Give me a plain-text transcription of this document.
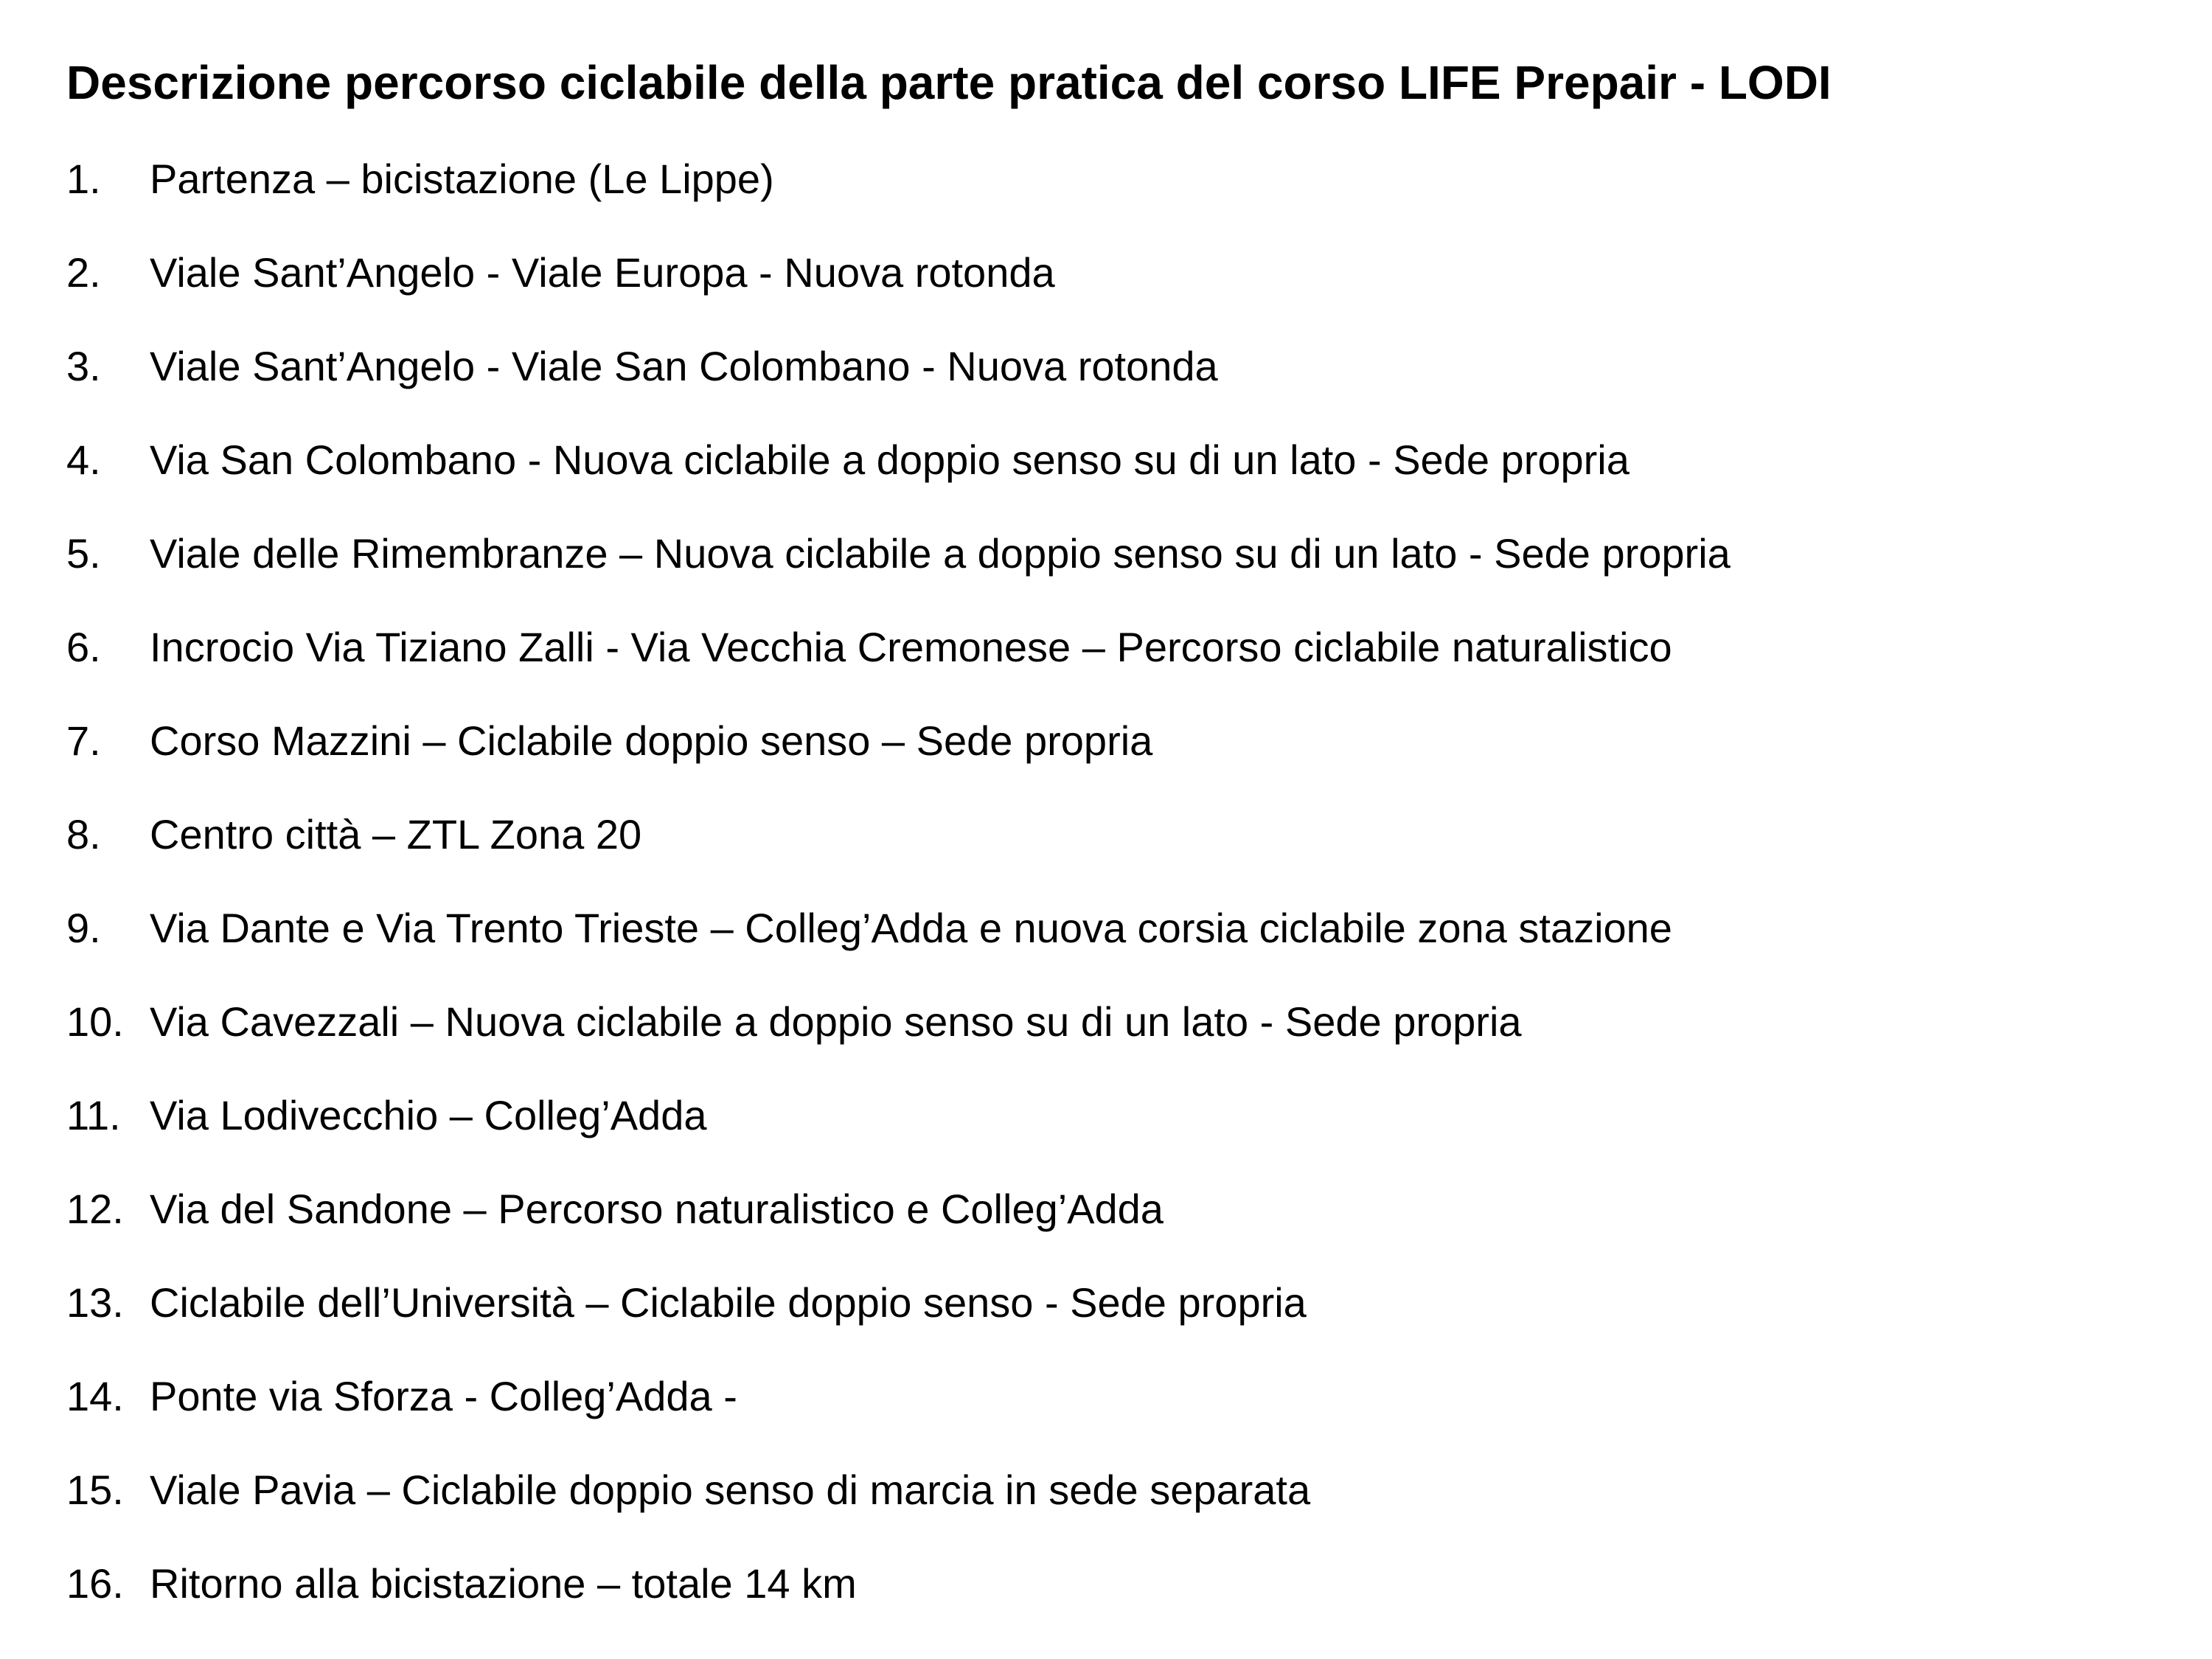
Descrizione percorso ciclabile della parte pratica del corso LIFE Prepair - LODI
1.	Partenza – bicistazione (Le Lippe)
2.	Viale Sant’Angelo - Viale Europa - Nuova rotonda
3.	Viale Sant’Angelo - Viale San Colombano - Nuova rotonda
4.	Via San Colombano - Nuova ciclabile a doppio senso su di un lato - Sede propria
5.	Viale delle Rimembranze – Nuova ciclabile a doppio senso su di un lato - Sede propria
6.	Incrocio Via Tiziano Zalli - Via Vecchia Cremonese – Percorso ciclabile naturalistico
7.	Corso Mazzini – Ciclabile doppio senso – Sede propria
8.	Centro città – ZTL Zona 20
9.	Via Dante e Via Trento Trieste – Colleg’Adda e nuova corsia ciclabile zona stazione
10. Via Cavezzali – Nuova ciclabile a doppio senso su di un lato - Sede propria
11. Via Lodivecchio – Colleg’Adda
12. Via del Sandone – Percorso naturalistico e Colleg’Adda
13. Ciclabile dell’Università – Ciclabile doppio senso - Sede propria
14. Ponte via Sforza - Colleg’Adda -
15. Viale Pavia – Ciclabile doppio senso di marcia in sede separata
16. Ritorno alla bicistazione – totale 14 km
